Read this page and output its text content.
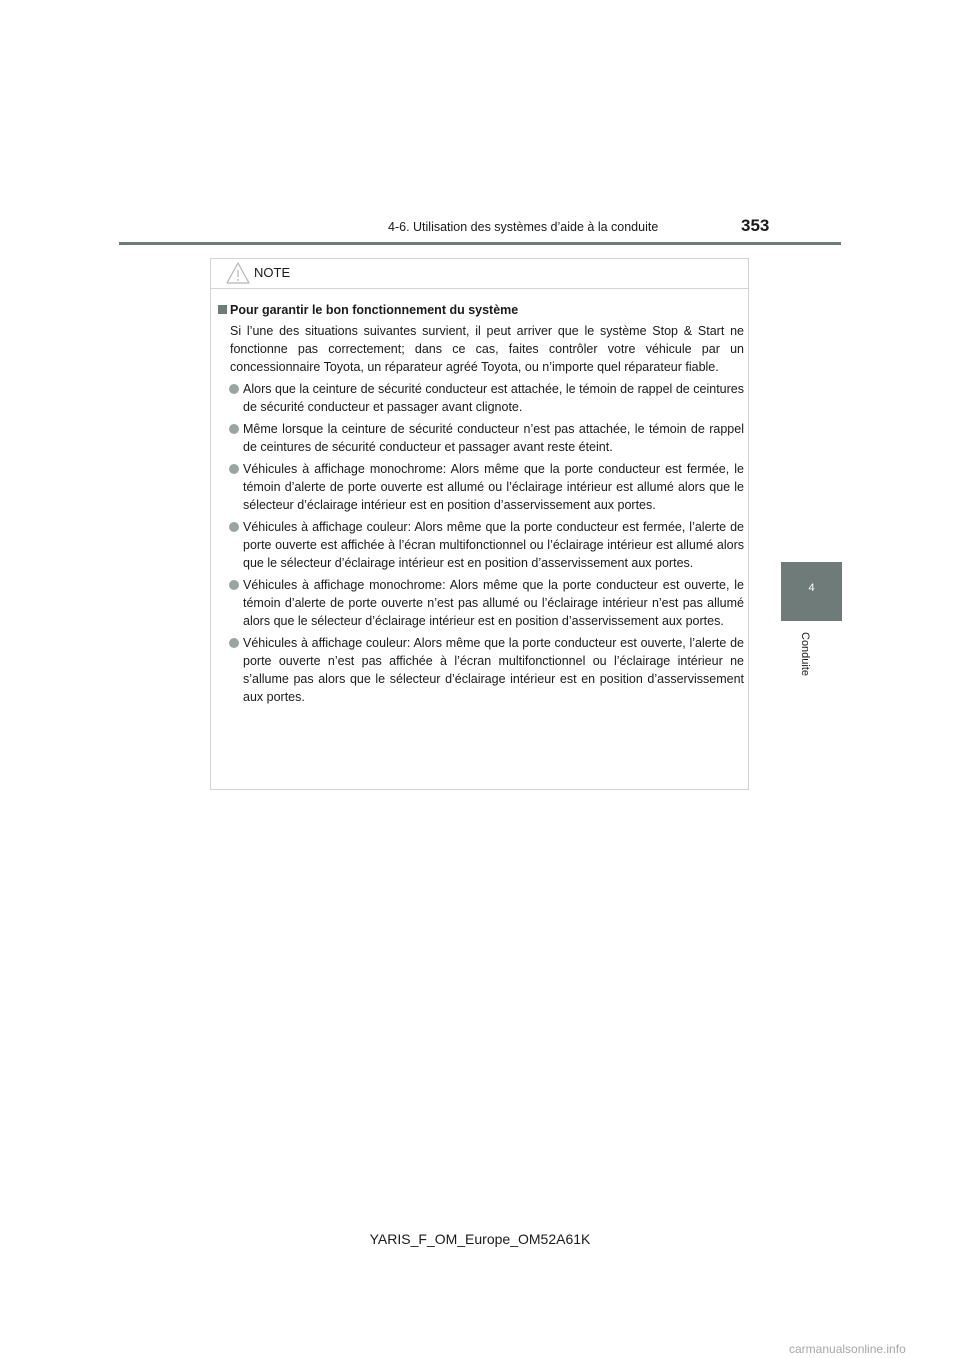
4-6. Utilisation des systèmes d’aide à la conduite	353
4
Conduite
NOTE
Pour garantir le bon fonctionnement du système
Si l’une des situations suivantes survient, il peut arriver que le système Stop & Start ne fonctionne pas correctement; dans ce cas, faites contrôler votre véhicule par un concessionnaire Toyota, un réparateur agréé Toyota, ou n’importe quel réparateur fiable.
Alors que la ceinture de sécurité conducteur est attachée, le témoin de rappel de ceintures de sécurité conducteur et passager avant clignote.
Même lorsque la ceinture de sécurité conducteur n’est pas attachée, le témoin de rappel de ceintures de sécurité conducteur et passager avant reste éteint.
Véhicules à affichage monochrome: Alors même que la porte conducteur est fermée, le témoin d’alerte de porte ouverte est allumé ou l’éclairage intérieur est allumé alors que le sélecteur d’éclairage intérieur est en position d’asservissement aux portes.
Véhicules à affichage couleur: Alors même que la porte conducteur est fermée, l’alerte de porte ouverte est affichée à l’écran multifonctionnel ou l’éclairage intérieur est allumé alors que le sélecteur d’éclairage intérieur est en position d’asservissement aux portes.
Véhicules à affichage monochrome: Alors même que la porte conducteur est ouverte, le témoin d’alerte de porte ouverte n’est pas allumé ou l’éclairage intérieur n’est pas allumé alors que le sélecteur d’éclairage intérieur est en position d’asservissement aux portes.
Véhicules à affichage couleur: Alors même que la porte conducteur est ouverte, l’alerte de porte ouverte n’est pas affichée à l’écran multifonctionnel ou l’éclairage intérieur ne s’allume pas alors que le sélecteur d’éclairage intérieur est en position d’asservissement aux portes.
YARIS_F_OM_Europe_OM52A61K
carmanualsonline.info
